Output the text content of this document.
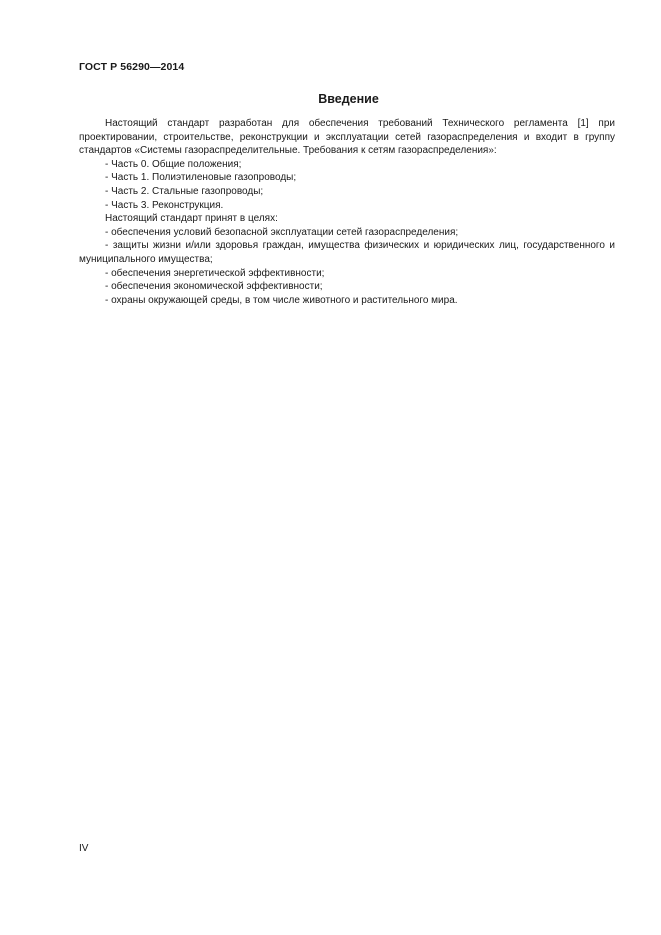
ГОСТ Р 56290—2014
Введение

Настоящий стандарт разработан для обеспечения требований Технического регламента [1] при проектировании, строительстве, реконструкции и эксплуатации сетей газораспределения и входит в группу стандартов «Системы газораспределительные. Требования к сетям газораспределения»:

- Часть 0. Общие положения;

- Часть 1. Полиэтиленовые газопроводы;

- Часть 2. Стальные газопроводы;

- Часть 3. Реконструкция.

Настоящий стандарт принят в целях:

- обеспечения условий безопасной эксплуатации сетей газораспределения;

- защиты жизни и/или здоровья граждан, имущества физических и юридических лиц, государственного и муниципального имущества;

- обеспечения энергетической эффективности;

- обеспечения экономической эффективности;

- охраны окружающей среды, в том числе животного и растительного мира.

IV
